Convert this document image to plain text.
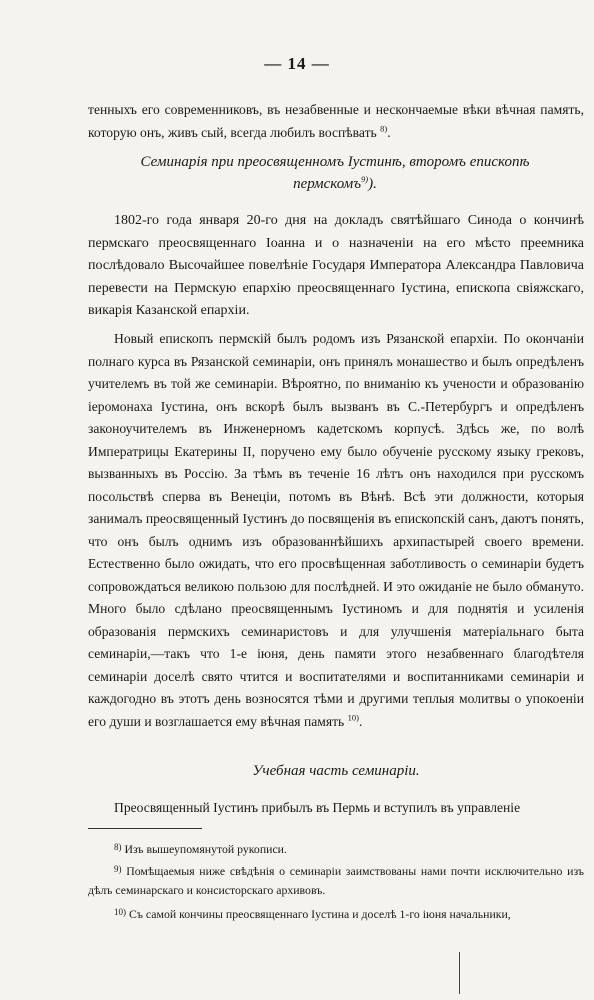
— 14 —

тенныхъ его современниковъ, въ незабвенные и нескончаемые вѣки вѣчная память, которую онъ, живъ сый, всегда любилъ воспѣвать $^{8)}$.

Семинарія при преосвященномъ Іустинѣ, второмъ епископѣ пермскомъ$^{9)}$).

1802-го года января 20-го дня на докладъ святѣйшаго Синода о кончинѣ пермскаго преосвященнаго Іоанна и о назначеніи на его мѣсто преемника послѣдовало Высочайшее повелѣніе Государя Императора Александра Павловича перевести на Пермскую епархію преосвященнаго Іустина, епископа свіяжскаго, викарія Казанской епархіи.

Новый епископъ пермскій былъ родомъ изъ Рязанской епархіи. По окончаніи полнаго курса въ Рязанской семинаріи, онъ принялъ монашество и былъ опредѣленъ учителемъ въ той же семинаріи. Вѣроятно, по вниманію къ учености и образованію іеромонаха Іустина, онъ вскорѣ былъ вызванъ въ С.-Петербургъ и опредѣленъ законоучителемъ въ Инженерномъ кадетскомъ корпусѣ. Здѣсь же, по волѣ Императрицы Екатерины II, поручено ему было обученіе русскому языку грековъ, вызванныхъ въ Россію. За тѣмъ въ теченіе 16 лѣтъ онъ находился при русскомъ посольствѣ сперва въ Венеціи, потомъ въ Вѣнѣ. Всѣ эти должности, которыя занималъ преосвященный Іустинъ до посвященія въ епископскій санъ, даютъ понять, что онъ былъ однимъ изъ образованнѣйшихъ архипастырей своего времени. Естественно было ожидать, что его просвѣщенная заботливость о семинаріи будетъ сопровождаться великою пользою для послѣдней. И это ожиданіе не было обмануто. Много было сдѣлано преосвященнымъ Іустиномъ и для поднятія и усиленія образованія пермскихъ семинаристовъ и для улучшенія матеріальнаго быта семинаріи,—такъ что 1-е іюня, день памяти этого незабвеннаго благодѣтеля семинаріи доселѣ свято чтится и воспитателями и воспитанниками семинаріи и каждогодно въ этотъ день возносятся тѣми и другими теплыя молитвы о упокоеніи его души и возглашается ему вѣчная память $^{10)}$.

Учебная часть семинаріи.

Преосвященный Іустинъ прибылъ въ Пермь и вступилъ въ управленіе

$^{8)}$ Изъ вышеупомянутой рукописи.

$^{9)}$ Помѣщаемыя ниже свѣдѣнія о семинаріи заимствованы нами почти исключительно изъ дѣлъ семинарскаго и консисторскаго архивовъ.

$^{10)}$ Съ самой кончины преосвященнаго Іустина и доселѣ 1-го іюня начальники,
